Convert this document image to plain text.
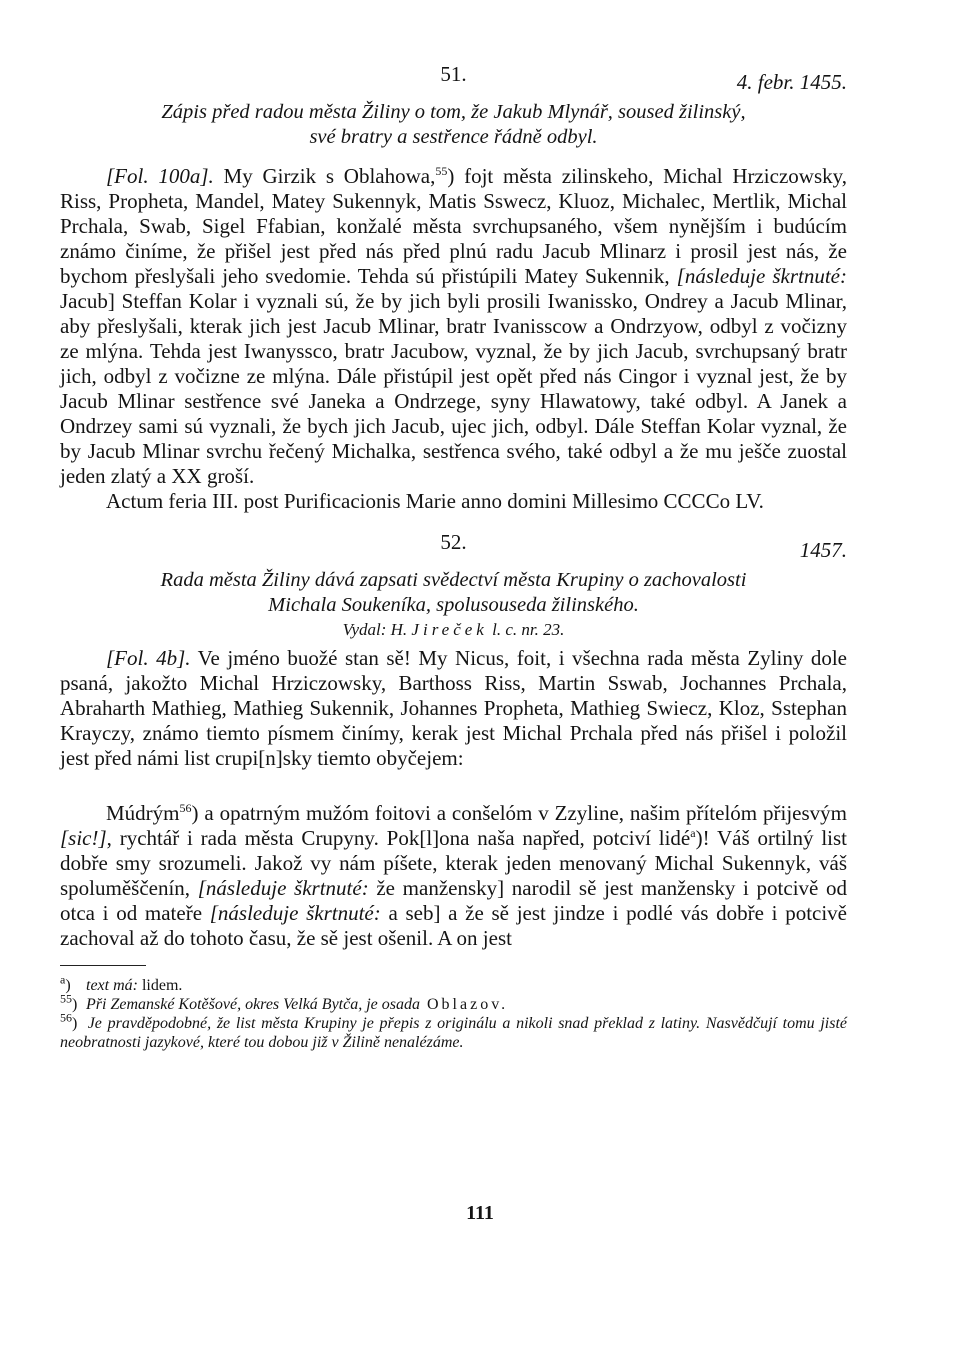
51.	4. febr. 1455.
Zápis před radou města Žiliny o tom, že Jakub Mlynář, soused žilinský,
své bratry a sestřence řádně odbyl.

[Fol. 100a]. My Girzik s Oblahowa,$^{55}$) fojt města zilinskeho, Michal Hrziczowsky, Riss, Propheta, Mandel, Matey Sukennyk, Matis Sswecz, Kluoz, Michalec, Mertlik, Michal Prchala, Swab, Sigel Ffabian, konžalé města svrchupsaného, všem nynějším i budúcím známo činíme, že přišel jest před nás před plnú radu Jacub Mlinarz i prosil jest nás, že bychom přeslyšali jeho svedomie. Tehda sú přistúpili Matey Sukennik, [následuje škrtnuté: Jacub] Steffan Kolar i vyznali sú, že by jich byli prosili Iwanissko, Ondrey a Jacub Mlinar, aby přeslyšali, kterak jich jest Jacub Mlinar, bratr Ivanisscow a Ondrzyow, odbyl z vočizny ze mlýna. Tehda jest Iwanyssco, bratr Jacubow, vyznal, že by jich Jacub, svrchupsaný bratr jich, odbyl z vočizne ze mlýna. Dále přistúpil jest opět před nás Cingor i vyznal jest, že by Jacub Mlinar sestřence své Janeka a Ondrzege, syny Hlawatowy, také odbyl. A Janek a Ondrzey sami sú vyznali, že bych jich Jacub, ujec jich, odbyl. Dále Steffan Kolar vyznal, že by Jacub Mlinar svrchu řečený Michalka, sestřenca svého, také odbyl a že mu ješče zuostal jeden zlatý a XX groší.

Actum feria III. post Purificacionis Marie anno domini Millesimo CCCCo LV.

52.	1457.
Rada města Žiliny dává zapsati svědectví města Krupiny o zachovalosti
Michala Soukeníka, spolusouseda žilinského.
Vydal: H. Jireček l. c. nr. 23.

[Fol. 4b]. Ve jméno buožé stan sě! My Nicus, foit, i všechna rada města Zyliny dole psaná, jakožto Michal Hrziczowsky, Barthoss Riss, Martin Sswab, Jochannes Prchala, Abraharth Mathieg, Mathieg Sukennik, Johannes Propheta, Mathieg Swiecz, Kloz, Sstephan Krayczy, známo tiemto písmem činímy, kerak jest Michal Prchala před nás přišel i položil jest před námi list crupi[n]sky tiemto obyčejem:

Múdrým$^{56}$) a opatrným mužóm foitovi a conšelóm v Zzyline, našim přítelóm přijesvým [sic!], rychtář i rada města Crupyny. Pok[l]ona naša napřed, potciví lidé$^a$)! Váš ortilný list dobře smy srozumeli. Jakož vy nám píšete, kterak jeden menovaný Michal Sukennyk, váš spoluměščenín, [následuje škrtnuté: že manžensky] narodil sě jest manžensky i potcivě od otca i od mateře [následuje škrtnuté: a seb] a že sě jest jindze i podlé vás dobře i potcivě zachoval až do tohoto času, že sě jest ošenil. A on jest

$^a$) text má: lidem.

$^{55}$) Při Zemanské Kotěšové, okres Velká Bytča, je osada Oblazov.

$^{56}$) Je pravděpodobné, že list města Krupiny je přepis z originálu a nikoli snad překlad z latiny. Nasvědčují tomu jisté neobratnosti jazykové, které tou dobou již v Žilině nenalézáme.

111
